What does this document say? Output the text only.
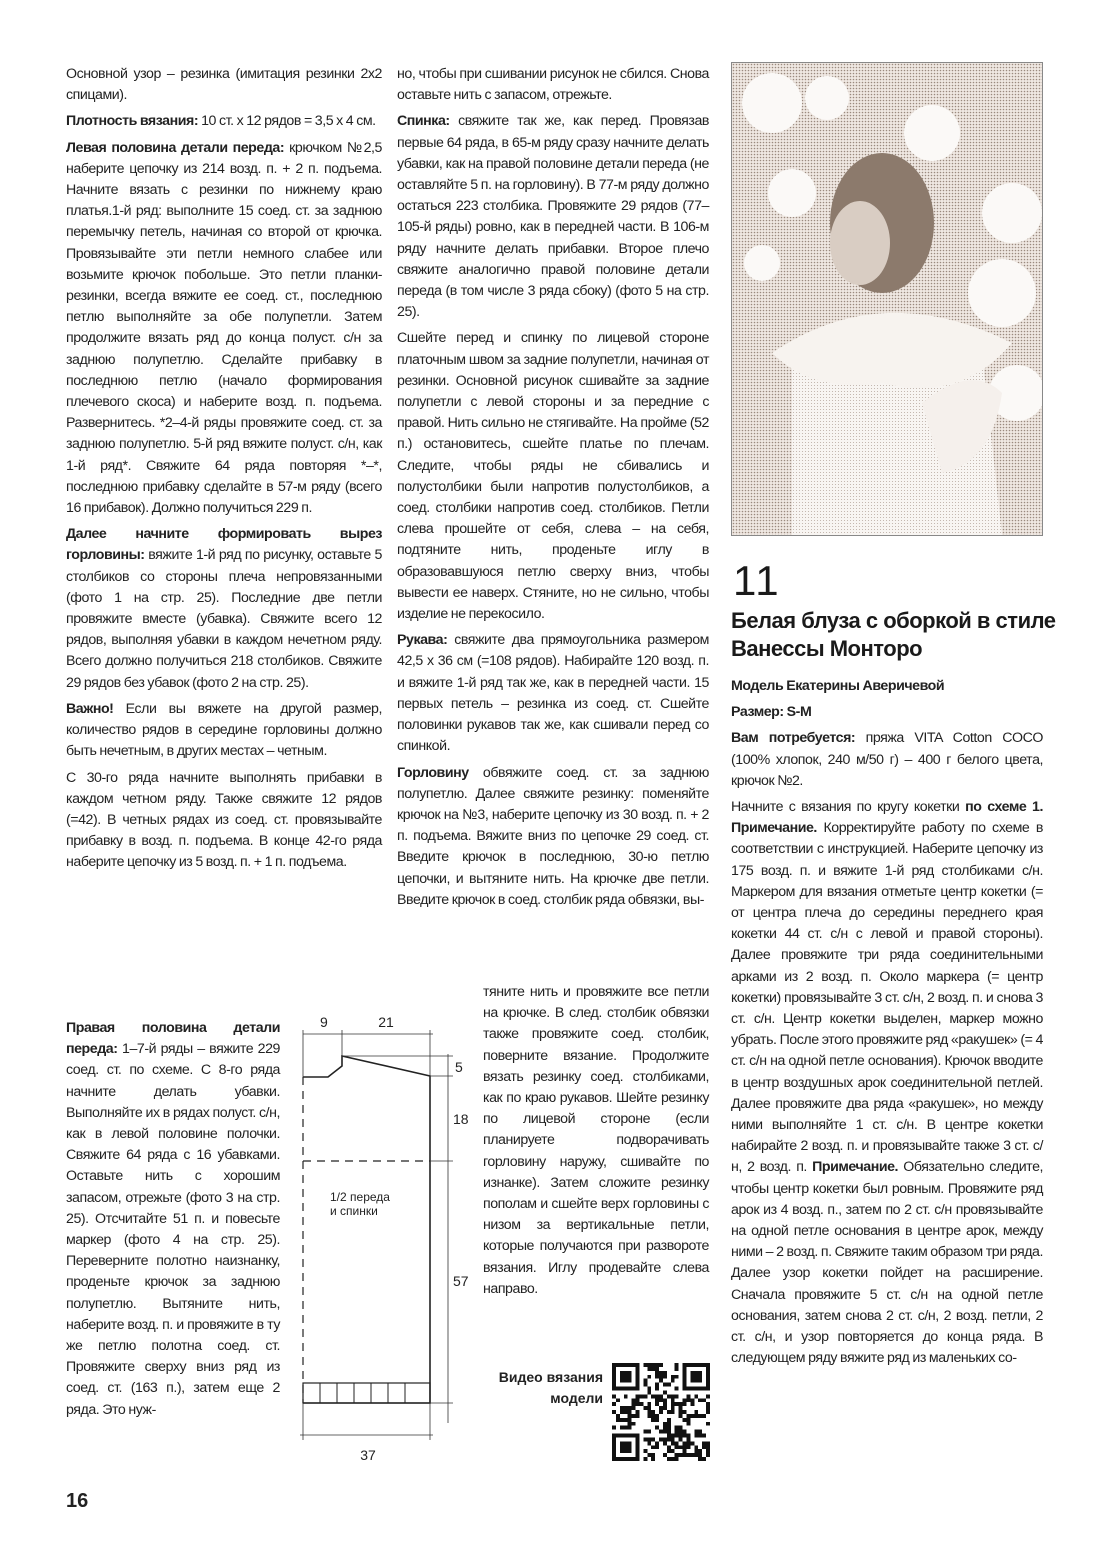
Основной узор – резинка (имитация резинки 2х2 спицами).

Плотность вязания: 10 ст. х 12 рядов = 3,5 х 4 см.

Левая половина детали переда: крючком №2,5 наберите цепочку из 214 возд. п. + 2 п. подъема. Начните вязать с резинки по нижнему краю платья.1-й ряд: выполните 15 соед. ст. за заднюю перемычку петель, начиная со второй от крючка. Провязывайте эти петли немного слабее или возьмите крючок побольше. Это петли планки-резинки, всегда вяжите ее соед. ст., последнюю петлю выполняйте за обе полупетли. Затем продолжите вязать ряд до конца полуст. с/н за заднюю полупетлю. Сделайте прибавку в последнюю петлю (начало формирования плечевого скоса) и наберите возд. п. подъема. Развернитесь. *2–4-й ряды провяжите соед. ст. за заднюю полупетлю. 5-й ряд вяжите полуст. с/н, как 1-й ряд*. Свяжите 64 ряда повторяя *–*, последнюю прибавку сделайте в 57-м ряду (всего 16 прибавок). Должно получиться 229 п.

Далее начните формировать вырез горловины: вяжите 1-й ряд по рисунку, оставьте 5 столбиков со стороны плеча непровязанными (фото 1 на стр. 25). Последние две петли провяжите вместе (убавка). Свяжите всего 12 рядов, выполняя убавки в каждом нечетном ряду. Всего должно получиться 218 столбиков. Свяжите 29 рядов без убавок (фото 2 на стр. 25).

Важно! Если вы вяжете на другой размер, количество рядов в середине горловины должно быть нечетным, в других местах – четным.

С 30-го ряда начните выполнять прибавки в каждом четном ряду. Также свяжите 12 рядов (=42). В четных рядах из соед. ст. провязывайте прибавку в возд. п. подъема. В конце 42-го ряда наберите цепочку из 5 возд. п. + 1 п. подъема.

Правая половина детали переда: 1–7-й ряды – вяжите 229 соед. ст. по схеме. С 8-го ряда начните делать убавки. Выполняйте их в рядах полуст. с/н, как в левой половине полочки. Свяжите 64 ряда с 16 убавками. Оставьте нить с хорошим запасом, отрежьте (фото 3 на стр. 25). Отсчитайте 51 п. и повесьте маркер (фото 4 на стр. 25). Переверните полотно наизнанку, проденьте крючок за заднюю полупетлю. Вытяните нить, наберите возд. п. и провяжите в ту же петлю полотна соед. ст. Провяжите сверху вниз ряд из соед. ст. (163 п.), затем еще 2 ряда. Это нуж-

9	21
5
18
57
37
1/2 переда и спинки

но, чтобы при сшивании рисунок не сбился. Снова оставьте нить с запасом, отрежьте.

Спинка: свяжите так же, как перед. Провязав первые 64 ряда, в 65-м ряду сразу начните делать убавки, как на правой половине детали переда (не оставляйте 5 п. на горловину). В 77-м ряду должно остаться 223 столбика. Провяжите 29 рядов (77–105-й ряды) ровно, как в передней части. В 106-м ряду начните делать прибавки. Второе плечо свяжите аналогично правой половине детали переда (в том числе 3 ряда сбоку) (фото 5 на стр. 25).

Сшейте перед и спинку по лицевой стороне платочным швом за задние полупетли, начиная от резинки. Основной рисунок сшивайте за задние полупетли с левой стороны и за передние с правой. Нить сильно не стягивайте. На пройме (52 п.) остановитесь, сшейте платье по плечам. Следите, чтобы ряды не сбивались и полустолбики были напротив полустолбиков, а соед. столбики напротив соед. столбиков. Петли слева прошейте от себя, слева – на себя, подтяните нить, проденьте иглу в образовавшуюся петлю сверху вниз, чтобы вывести ее наверх. Стяните, но не сильно, чтобы изделие не перекосило.

Рукава: свяжите два прямоугольника размером 42,5 х 36 см (=108 рядов). Набирайте 120 возд. п. и вяжите 1-й ряд так же, как в передней части. 15 первых петель – резинка из соед. ст. Сшейте половинки рукавов так же, как сшивали перед со спинкой.

Горловину обвяжите соед. ст. за заднюю полупетлю. Далее свяжите резинку: поменяйте крючок на №3, наберите цепочку из 30 возд. п. + 2 п. подъема. Вяжите вниз по цепочке 29 соед. ст. Введите крючок в последнюю, 30-ю петлю цепочки, и вытяните нить. На крючке две петли. Введите крючок в соед. столбик ряда обвязки, вы-

тяните нить и провяжите все петли на крючке. В след. столбик обвязки также провяжите соед. столбик, поверните вязание. Продолжите вязать резинку соед. столбиками, как по краю рукавов. Шейте резинку по лицевой стороне (если планируете подворачивать горловину наружу, сшивайте по изнанке). Затем сложите резинку пополам и сшейте верх горловины с низом за вертикальные петли, которые получаются при развороте вязания. Иглу продевайте слева направо.

Видео вязания модели
11
Белая блуза с оборкой в стиле Ванессы Монторо

Модель Екатерины Аверичевой

Размер: S-M

Вам потребуется: пряжа VITA Cotton COCO (100% хлопок, 240 м/50 г) – 400 г белого цвета, крючок №2.

Начните с вязания по кругу кокетки по схеме 1. Примечание. Корректируйте работу по схеме в соответствии с инструкцией. Наберите цепочку из 175 возд. п. и вяжите 1-й ряд столбиками с/н. Маркером для вязания отметьте центр кокетки (= от центра плеча до середины переднего края кокетки 44 ст. с/н с левой и правой стороны). Далее провяжите три ряда соединительными арками из 2 возд. п. Около маркера (= центр кокетки) провязывайте 3 ст. с/н, 2 возд. п. и снова 3 ст. с/н. Центр кокетки выделен, маркер можно убрать. После этого провяжите ряд «ракушек» (= 4 ст. с/н на одной петле основания). Крючок вводите в центр воздушных арок соединительной петлей. Далее провяжите два ряда «ракушек», но между ними выполняйте 1 ст. с/н. В центре кокетки набирайте 2 возд. п. и провязывайте также 3 ст. с/н, 2 возд. п. Примечание. Обязательно следите, чтобы центр кокетки был ровным. Провяжите ряд арок из 4 возд. п., затем по 2 ст. с/н провязывайте на одной петле основания в центре арок, между ними – 2 возд. п. Свяжите таким образом три ряда. Далее узор кокетки пойдет на расширение. Сначала провяжите 5 ст. с/н на одной петле основания, затем снова 2 ст. с/н, 2 возд. петли, 2 ст. с/н, и узор повторяется до конца ряда. В следующем ряду вяжите ряд из маленьких со-

16
